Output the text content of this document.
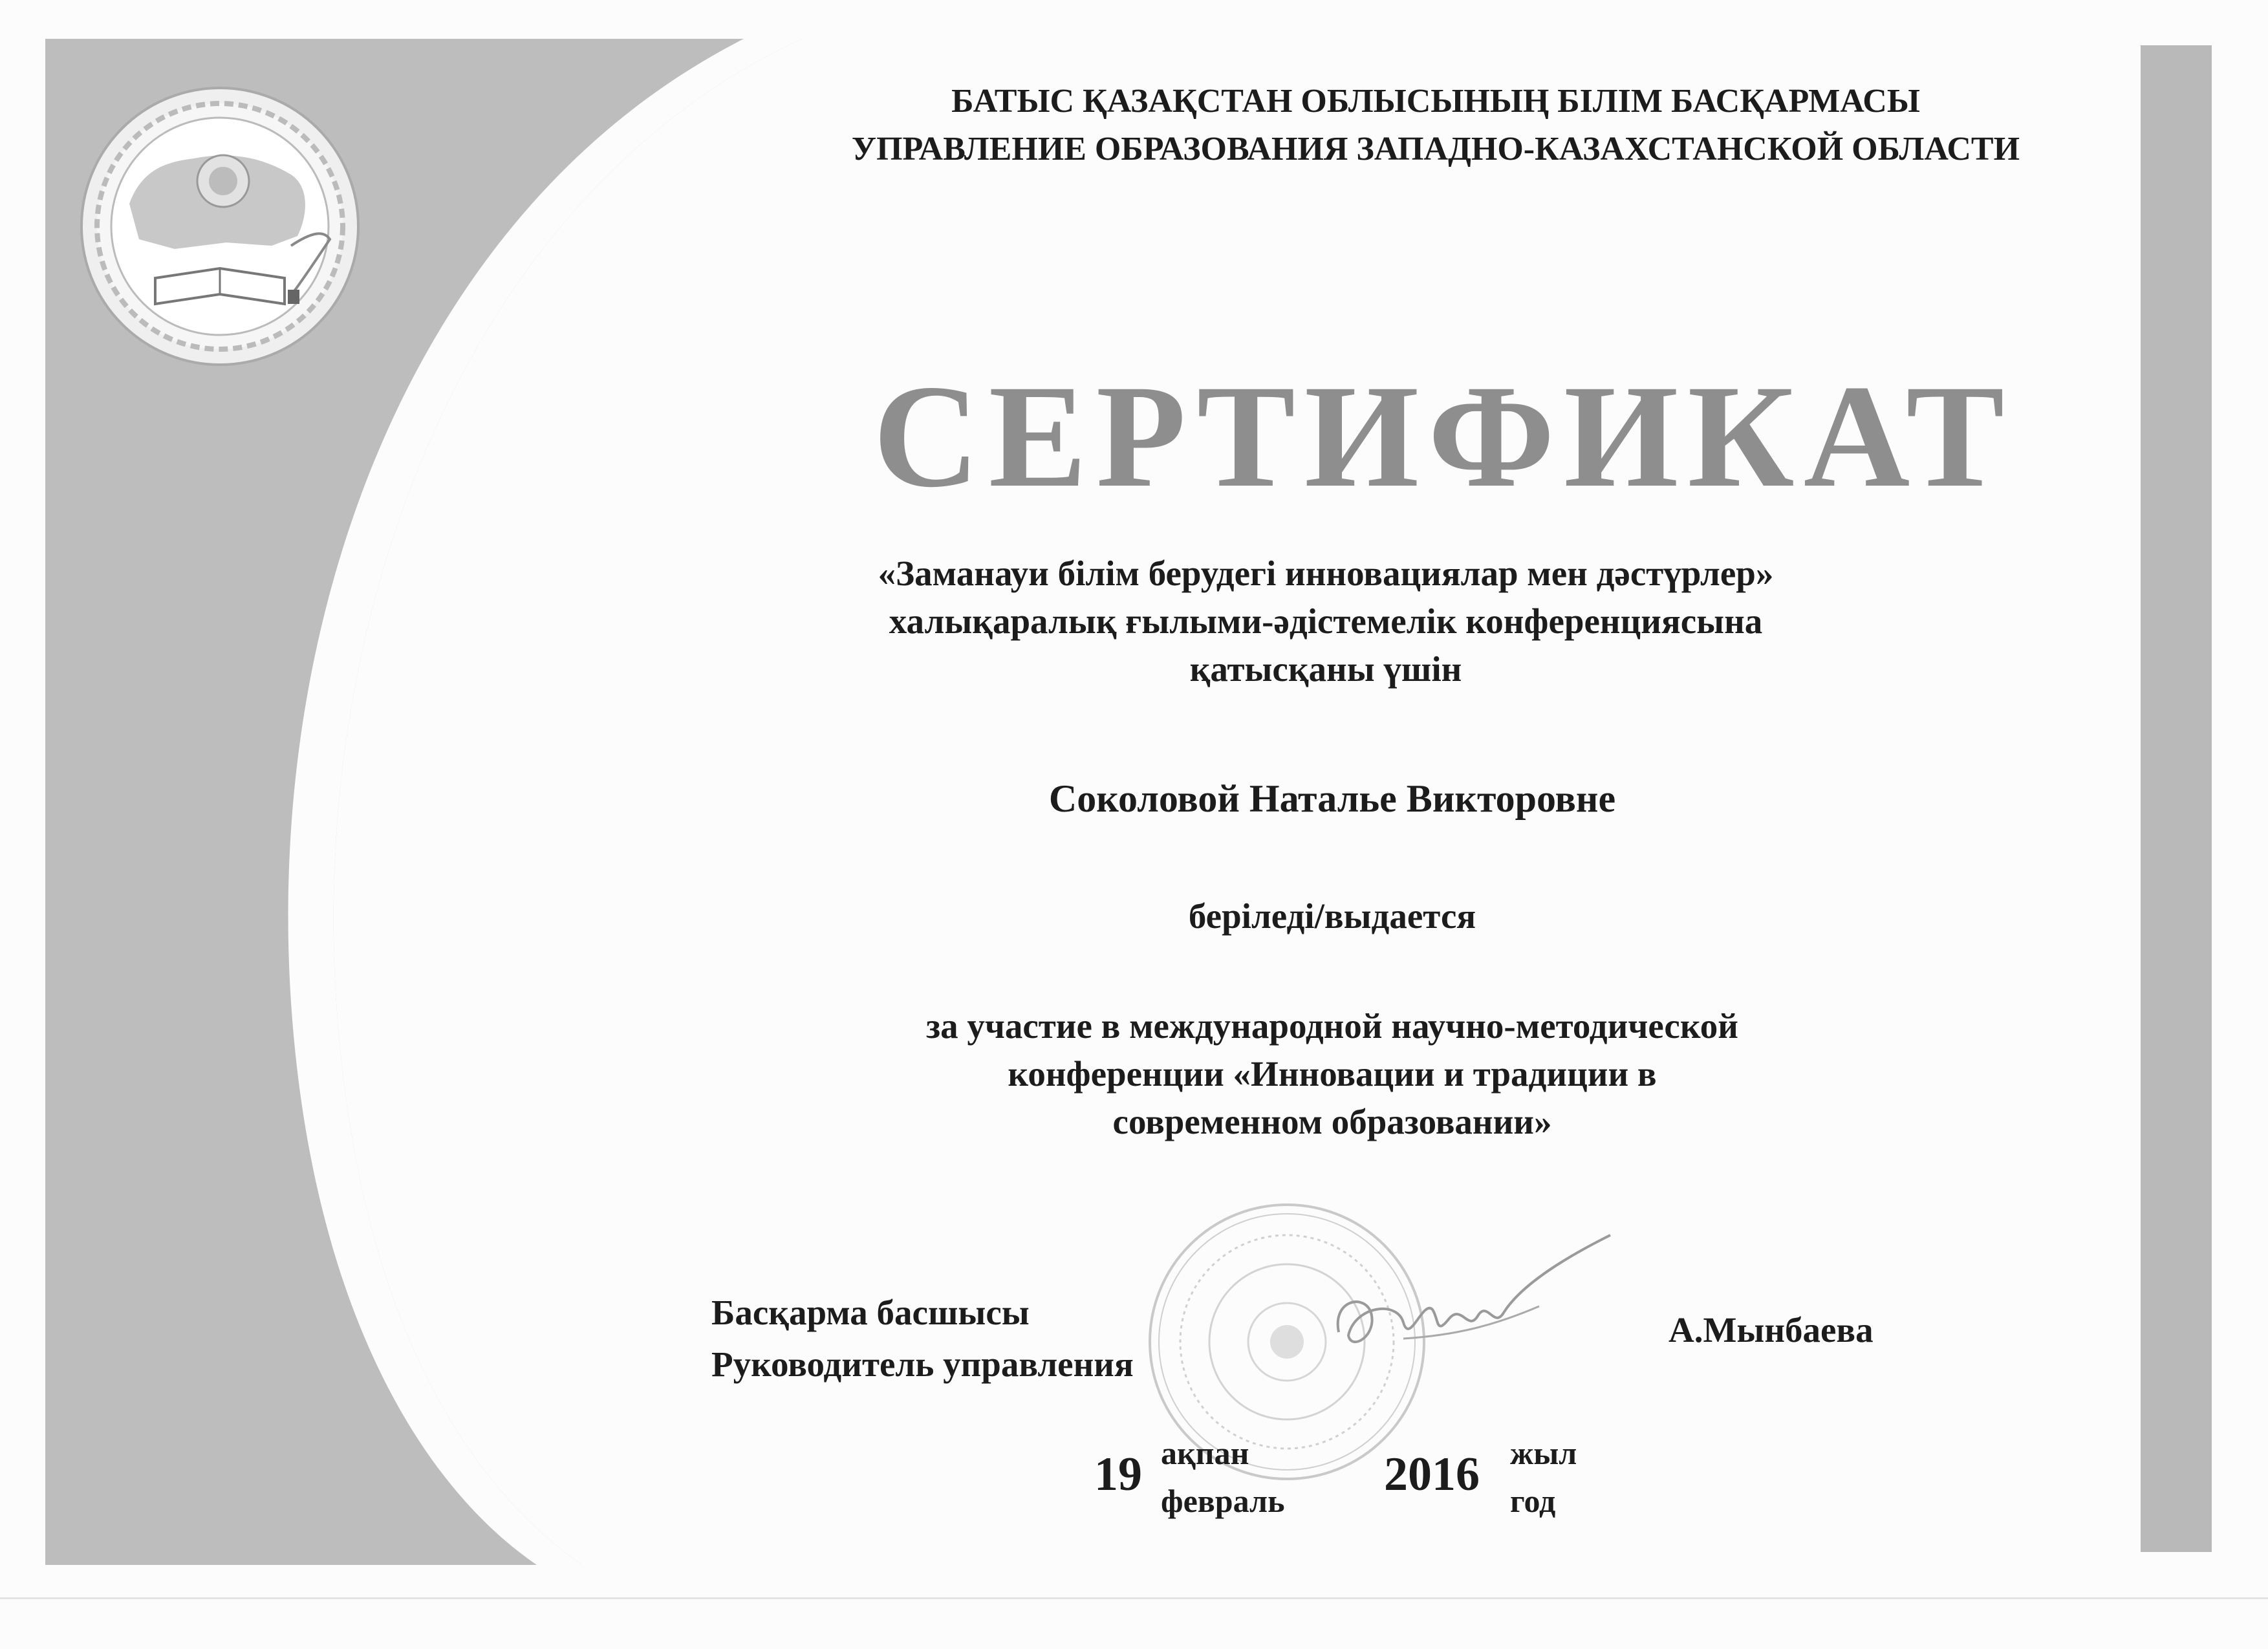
БАТЫС ҚАЗАҚСТАН ОБЛЫСЫНЫҢ БІЛІМ БАСҚАРМАСЫ
УПРАВЛЕНИЕ ОБРАЗОВАНИЯ ЗАПАДНО-КАЗАХСТАНСКОЙ ОБЛАСТИ
СЕРТИФИКАТ
«Заманауи білім берудегі инновациялар мен дәстүрлер»
халықаралық ғылыми-әдістемелік конференциясына
қатысқаны үшін
Соколовой Наталье Викторовне
беріледі/выдается
за участие в международной научно-методической
конференции «Инновации и традиции в
современном образовании»
Басқарма басшысы
Руководитель управления
А.Мынбаева
19 ақпан
февраль 2016 жыл
год
